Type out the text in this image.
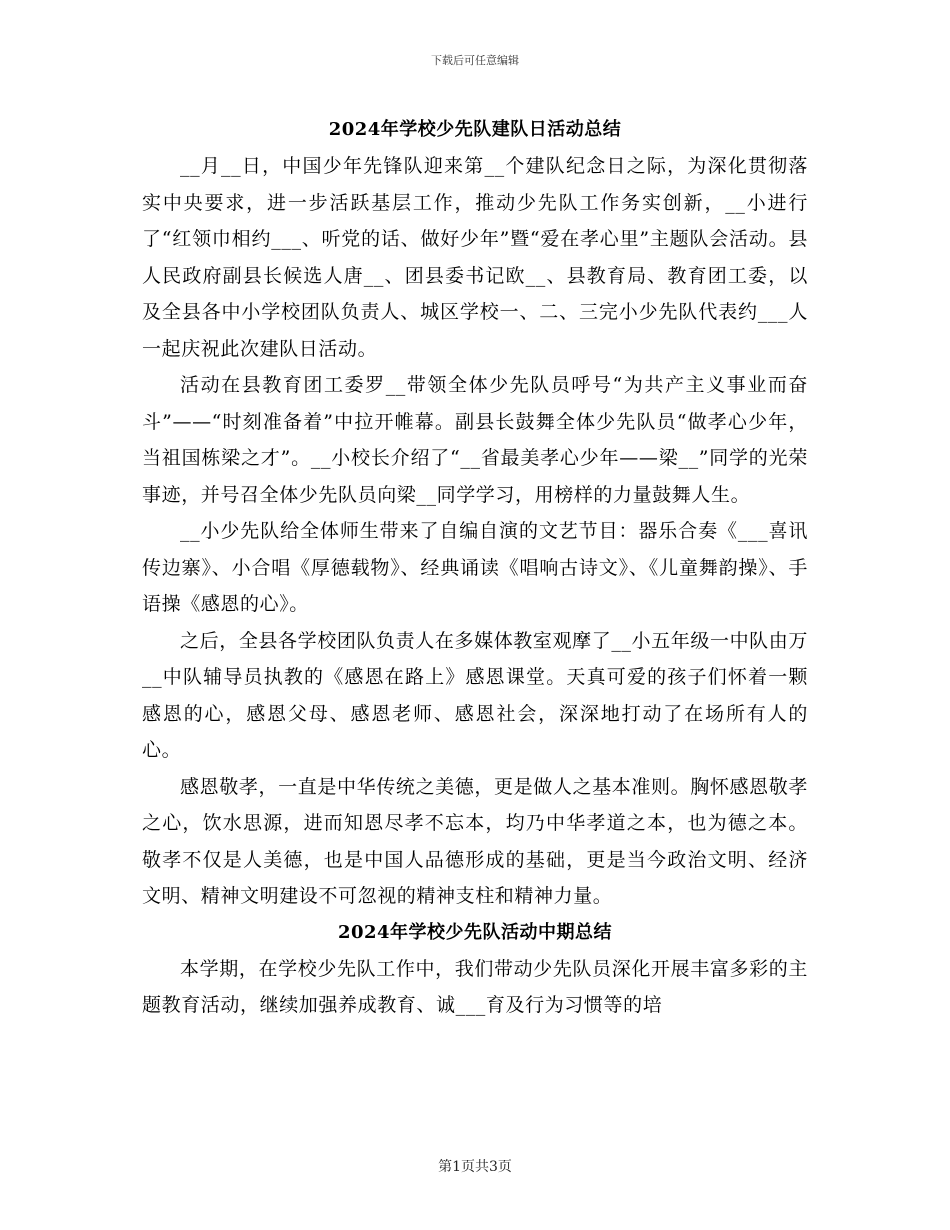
下载后可任意编辑
2024年学校少先队建队日活动总结

__月__日，中国少年先锋队迎来第__个建队纪念日之际，为深化贯彻落实中央要求，进一步活跃基层工作，推动少先队工作务实创新，__小进行了“红领巾相约___、听党的话、做好少年”暨“爱在孝心里”主题队会活动。县人民政府副县长候选人唐__、团县委书记欧__、县教育局、教育团工委，以及全县各中小学校团队负责人、城区学校一、二、三完小少先队代表约___人一起庆祝此次建队日活动。

活动在县教育团工委罗__带领全体少先队员呼号“为共产主义事业而奋斗”——“时刻准备着”中拉开帷幕。副县长鼓舞全体少先队员“做孝心少年，当祖国栋梁之才”。__小校长介绍了“__省最美孝心少年——梁__”同学的光荣事迹，并号召全体少先队员向梁__同学学习，用榜样的力量鼓舞人生。

__小少先队给全体师生带来了自编自演的文艺节目：器乐合奏《___喜讯传边寨》、小合唱《厚德载物》、经典诵读《唱响古诗文》、《儿童舞韵操》、手语操《感恩的心》。

之后，全县各学校团队负责人在多媒体教室观摩了__小五年级一中队由万__中队辅导员执教的《感恩在路上》感恩课堂。天真可爱的孩子们怀着一颗感恩的心，感恩父母、感恩老师、感恩社会，深深地打动了在场所有人的心。

感恩敬孝，一直是中华传统之美德，更是做人之基本准则。胸怀感恩敬孝之心，饮水思源，进而知恩尽孝不忘本，均乃中华孝道之本，也为德之本。敬孝不仅是人美德，也是中国人品德形成的基础，更是当今政治文明、经济文明、精神文明建设不可忽视的精神支柱和精神力量。

2024年学校少先队活动中期总结

本学期，在学校少先队工作中，我们带动少先队员深化开展丰富多彩的主题教育活动，继续加强养成教育、诚___育及行为习惯等的培

第1页共3页
